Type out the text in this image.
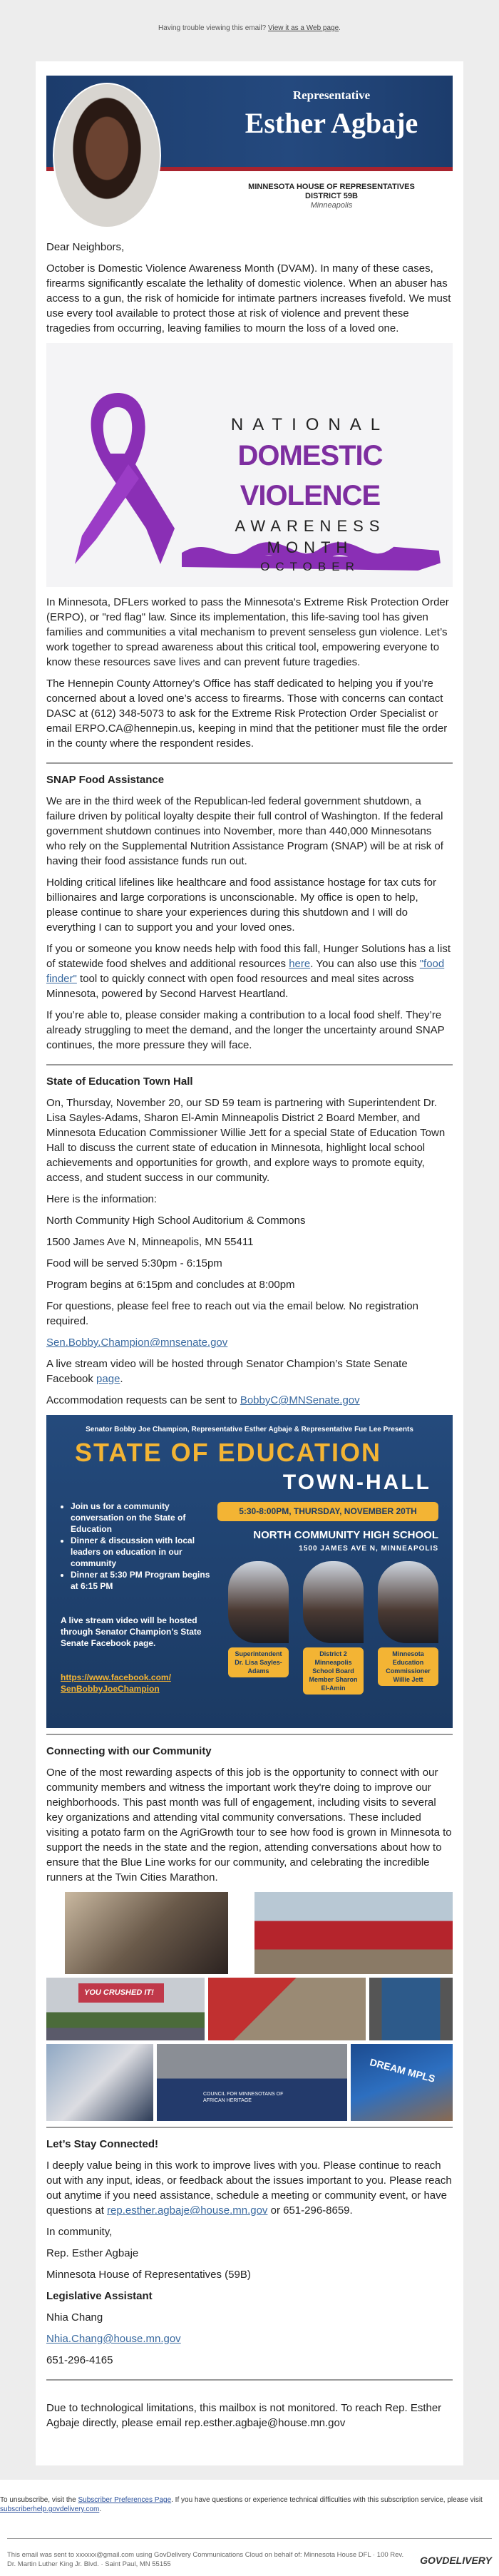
Having trouble viewing this email? View it as a Web page.
Representative
Esther Agbaje
MINNESOTA HOUSE OF REPRESENTATIVES
DISTRICT 59B
Minneapolis

Dear Neighbors,

October is Domestic Violence Awareness Month (DVAM). In many of these cases, firearms significantly escalate the lethality of domestic violence. When an abuser has access to a gun, the risk of homicide for intimate partners increases fivefold. We must use every tool available to protect those at risk of violence and prevent these tragedies from occurring, leaving families to mourn the loss of a loved one.

NATIONAL
DOMESTIC VIOLENCE
AWARENESS MONTH
OCTOBER

In Minnesota, DFLers worked to pass the Minnesota's Extreme Risk Protection Order (ERPO), or "red flag" law. Since its implementation, this life-saving tool has given families and communities a vital mechanism to prevent senseless gun violence. Let’s work together to spread awareness about this critical tool, empowering everyone to know these resources save lives and can prevent future tragedies.

The Hennepin County Attorney’s Office has staff dedicated to helping you if you’re concerned about a loved one’s access to firearms. Those with concerns can contact DASC at (612) 348-5073 to ask for the Extreme Risk Protection Order Specialist or email ERPO.CA@hennepin.us, keeping in mind that the petitioner must file the order in the county where the respondent resides.

SNAP Food Assistance

We are in the third week of the Republican-led federal government shutdown, a failure driven by political loyalty despite their full control of Washington. If the federal government shutdown continues into November, more than 440,000 Minnesotans who rely on the Supplemental Nutrition Assistance Program (SNAP) will be at risk of having their food assistance funds run out.

Holding critical lifelines like healthcare and food assistance hostage for tax cuts for billionaires and large corporations is unconscionable. My office is open to help, please continue to share your experiences during this shutdown and I will do everything I can to support you and your loved ones.

If you or someone you know needs help with food this fall, Hunger Solutions has a list of statewide food shelves and additional resources here. You can also use this "food finder" tool to quickly connect with open food resources and meal sites across Minnesota, powered by Second Harvest Heartland.

If you’re able to, please consider making a contribution to a local food shelf. They’re already struggling to meet the demand, and the longer the uncertainty around SNAP continues, the more pressure they will face.

State of Education Town Hall

On, Thursday, November 20, our SD 59 team is partnering with Superintendent Dr. Lisa Sayles-Adams, Sharon El-Amin Minneapolis District 2 Board Member, and Minnesota Education Commissioner Willie Jett for a special State of Education Town Hall to discuss the current state of education in Minnesota, highlight local school achievements and opportunities for growth, and explore ways to promote equity, access, and student success in our community.

Here is the information:

North Community High School Auditorium & Commons

1500 James Ave N, Minneapolis, MN 55411

Food will be served 5:30pm - 6:15pm

Program begins at 6:15pm and concludes at 8:00pm

For questions, please feel free to reach out via the email below. No registration required.

Sen.Bobby.Champion@mnsenate.gov

A live stream video will be hosted through Senator Champion’s State Senate Facebook page.

Accommodation requests can be sent to BobbyC@MNSenate.gov

Senator Bobby Joe Champion, Representative Esther Agbaje & Representative Fue Lee Presents
STATE OF EDUCATION
TOWN-HALL
5:30-8:00PM, THURSDAY, NOVEMBER 20TH
NORTH COMMUNITY HIGH SCHOOL
1500 JAMES AVE N, MINNEAPOLIS
• Join us for a community conversation on the State of Education
• Dinner & discussion with local leaders on education in our community
• Dinner at 5:30 PM Program begins at 6:15 PM
A live stream video will be hosted through Senator Champion’s State Senate Facebook page.
https://www.facebook.com/ SenBobbyJoeChampion
Superintendent Dr. Lisa Sayles-Adams
District 2 Minneapolis School Board Member Sharon El-Amin
Minnesota Education Commissioner Willie Jett
Connecting with our Community

One of the most rewarding aspects of this job is the opportunity to connect with our community members and witness the important work they're doing to improve our neighborhoods. This past month was full of engagement, including visits to several key organizations and attending vital community conversations. These included visiting a potato farm on the AgriGrowth tour to see how food is grown in Minnesota to support the needs in the state and the region, attending conversations about how to ensure that the Blue Line works for our community, and celebrating the incredible runners at the Twin Cities Marathon.

YOU CRUSHED IT!
COUNCIL FOR MINNESOTANS OF AFRICAN HERITAGE
DREAM MPLS
Let’s Stay Connected!

I deeply value being in this work to improve lives with you. Please continue to reach out with any input, ideas, or feedback about the issues important to you. Please reach out anytime if you need assistance, schedule a meeting or community event, or have questions at rep.esther.agbaje@house.mn.gov or 651-296-8659.

In community,

Rep. Esther Agbaje

Minnesota House of Representatives (59B)

Legislative Assistant

Nhia Chang

Nhia.Chang@house.mn.gov

651-296-4165

Due to technological limitations, this mailbox is not monitored. To reach Rep. Esther Agbaje directly, please email rep.esther.agbaje@house.mn.gov

To unsubscribe, visit the Subscriber Preferences Page. If you have questions or experience technical difficulties with this subscription service, please visit subscriberhelp.govdelivery.com.
This email was sent to xxxxxx@gmail.com using GovDelivery Communications Cloud on behalf of: Minnesota House DFL · 100 Rev. Dr. Martin Luther King Jr. Blvd. · Saint Paul, MN 55155	GOVDELIVERY
